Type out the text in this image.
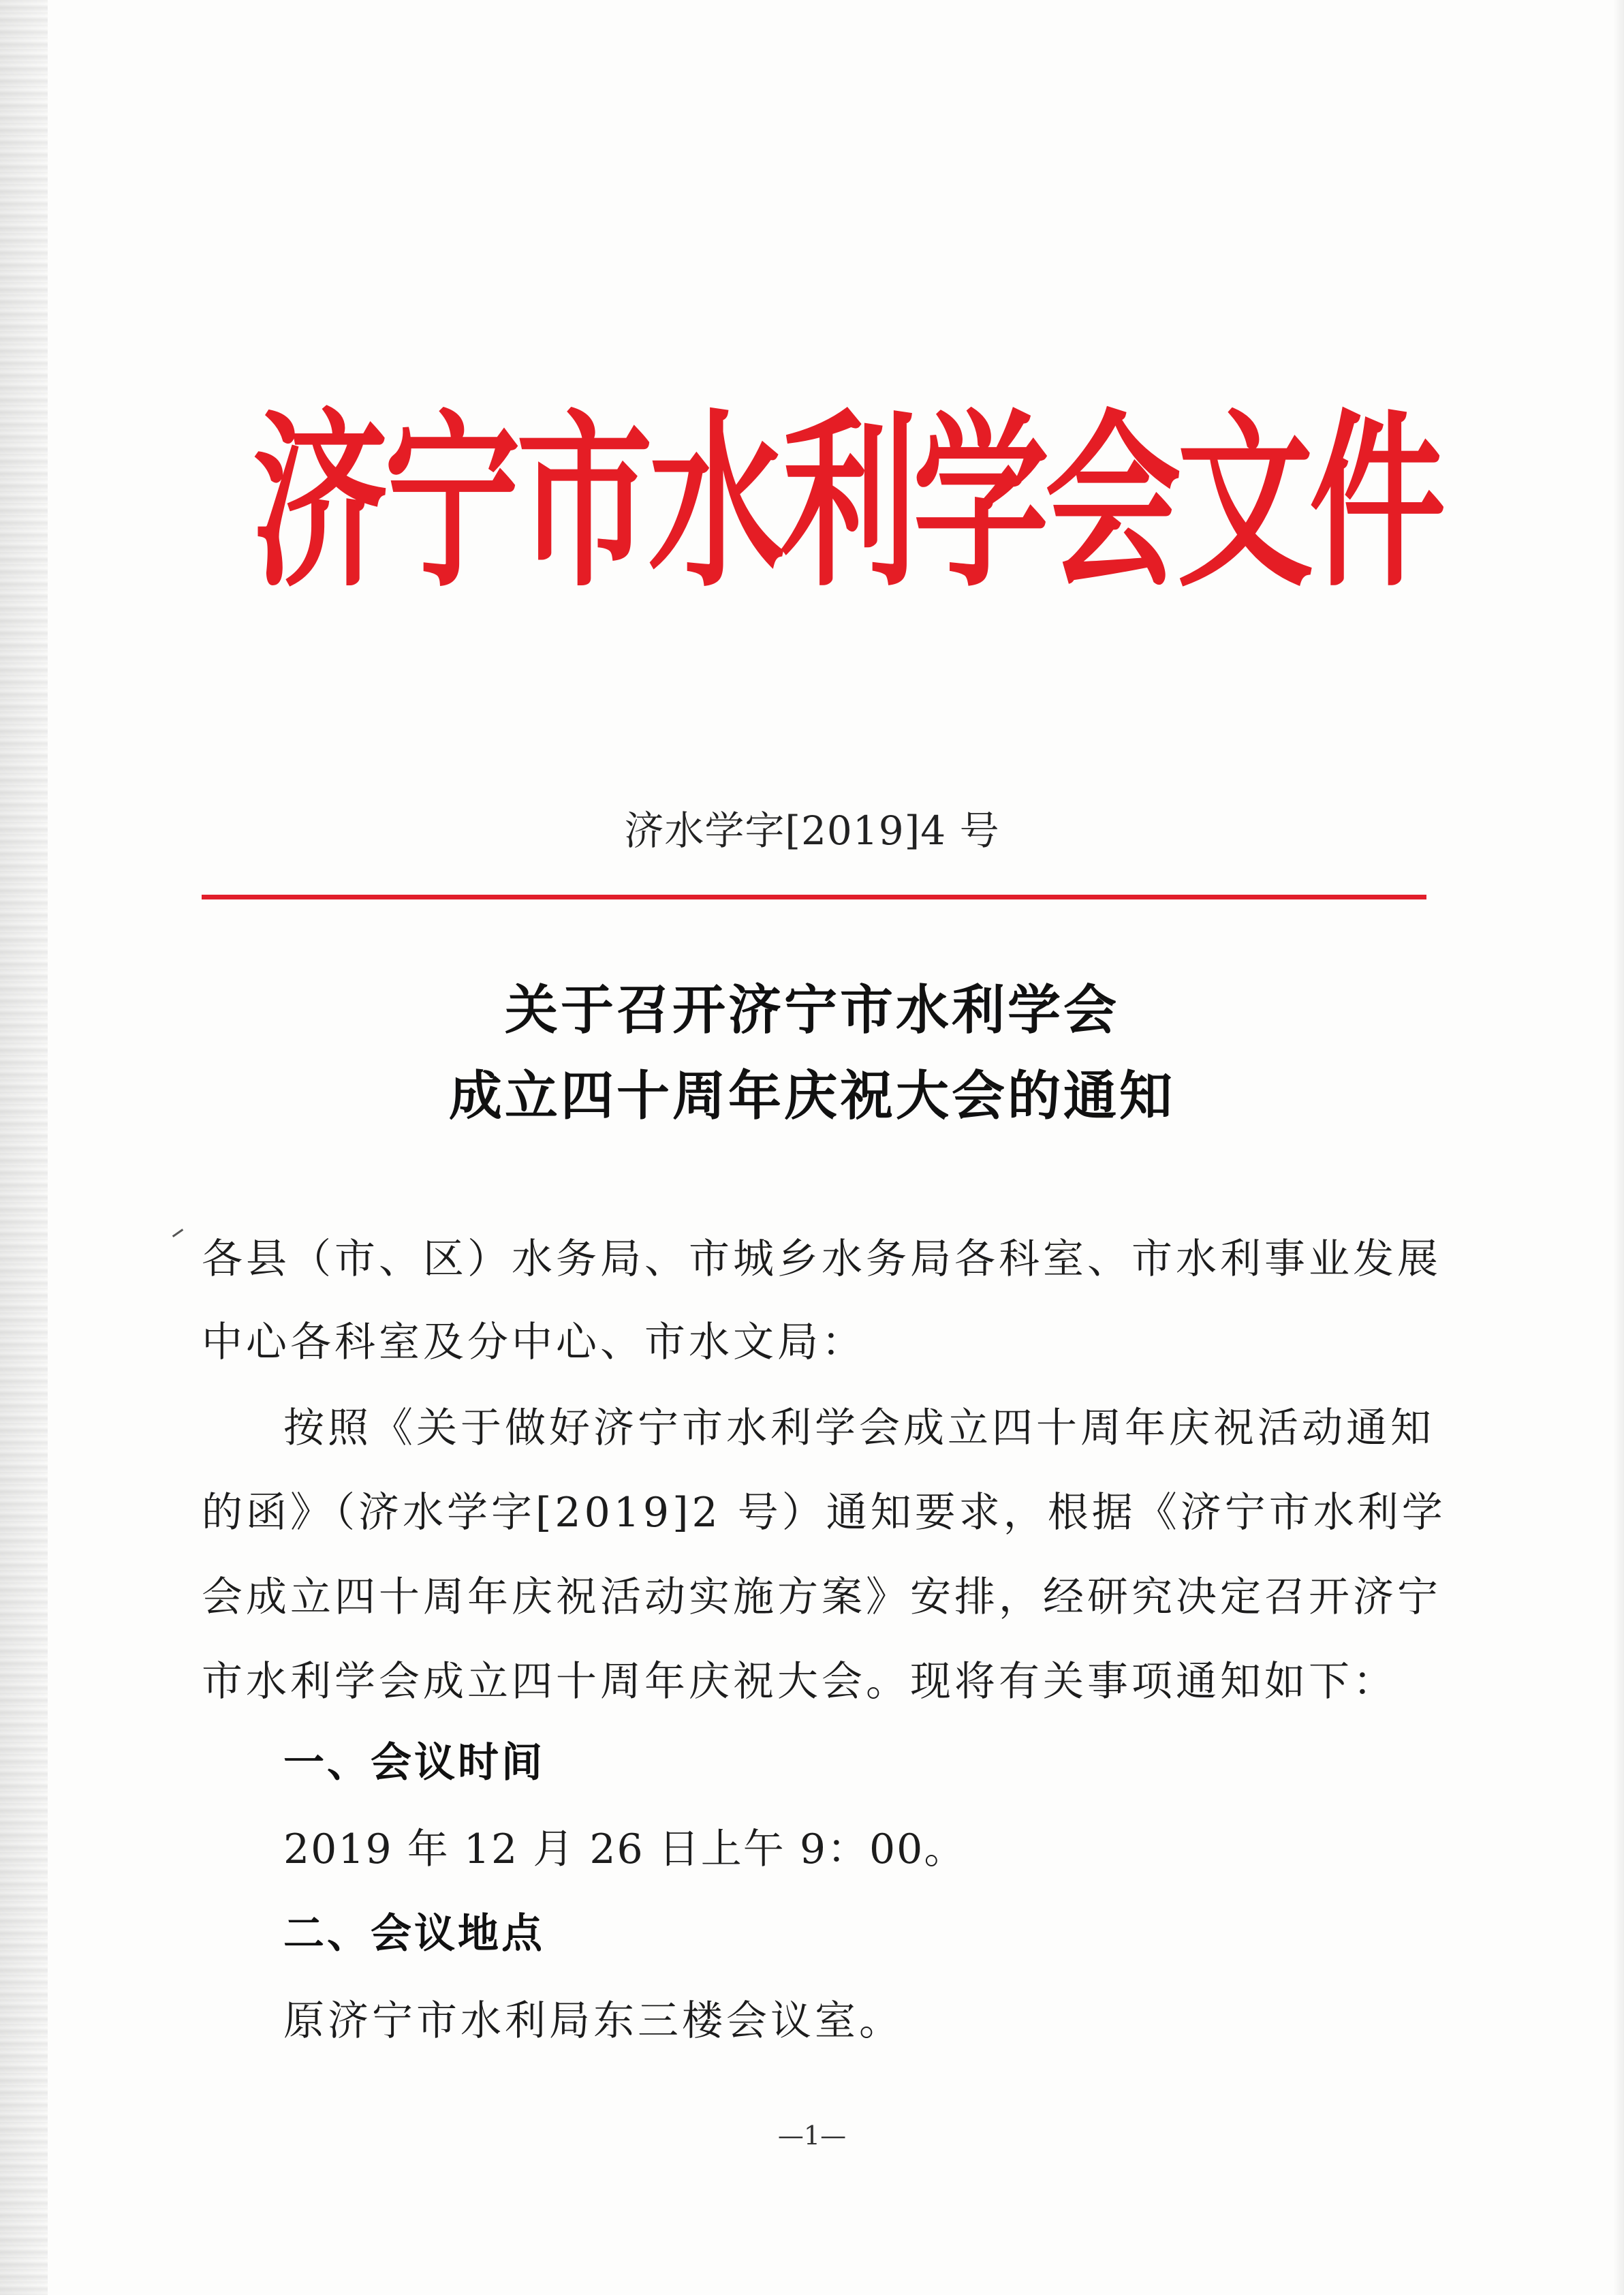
济宁市水利学会文件
济水学字[2019]4 号
关于召开济宁市水利学会
成立四十周年庆祝大会的通知
各县（市、区）水务局、市城乡水务局各科室、市水利事业发展
中心各科室及分中心、市水文局：
按照《关于做好济宁市水利学会成立四十周年庆祝活动通知
的函》（济水学字[2019]2 号）通知要求，根据《济宁市水利学
会成立四十周年庆祝活动实施方案》安排，经研究决定召开济宁
市水利学会成立四十周年庆祝大会。现将有关事项通知如下：
一、会议时间
2019 年 12 月 26 日上午 9：00。
二、会议地点
原济宁市水利局东三楼会议室。
—1—
